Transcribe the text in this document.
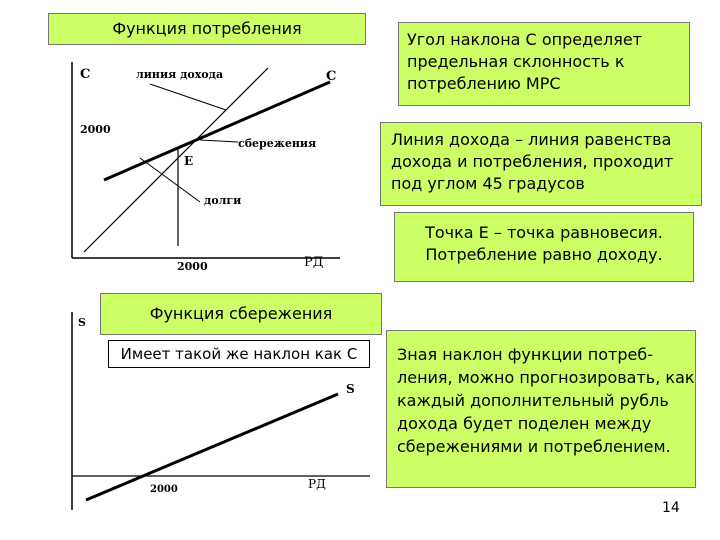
С	линия дохода	С
2000
сбережения
Е
долги
2000	РД
S
S
2000	РД
Функция потребления
Угол наклона С определяет предельная склонность к потреблению МРС
Линия дохода – линия равенства дохода и потребления, проходит под углом 45 градусов
Точка Е – точка равновесия. Потребление равно доходу.
Функция сбережения
Имеет такой же наклон как С	Зная наклон функции потреб-ления, можно прогнозировать, как каждый дополнительный рубль дохода будет поделен между сбережениями и потреблением.
14
